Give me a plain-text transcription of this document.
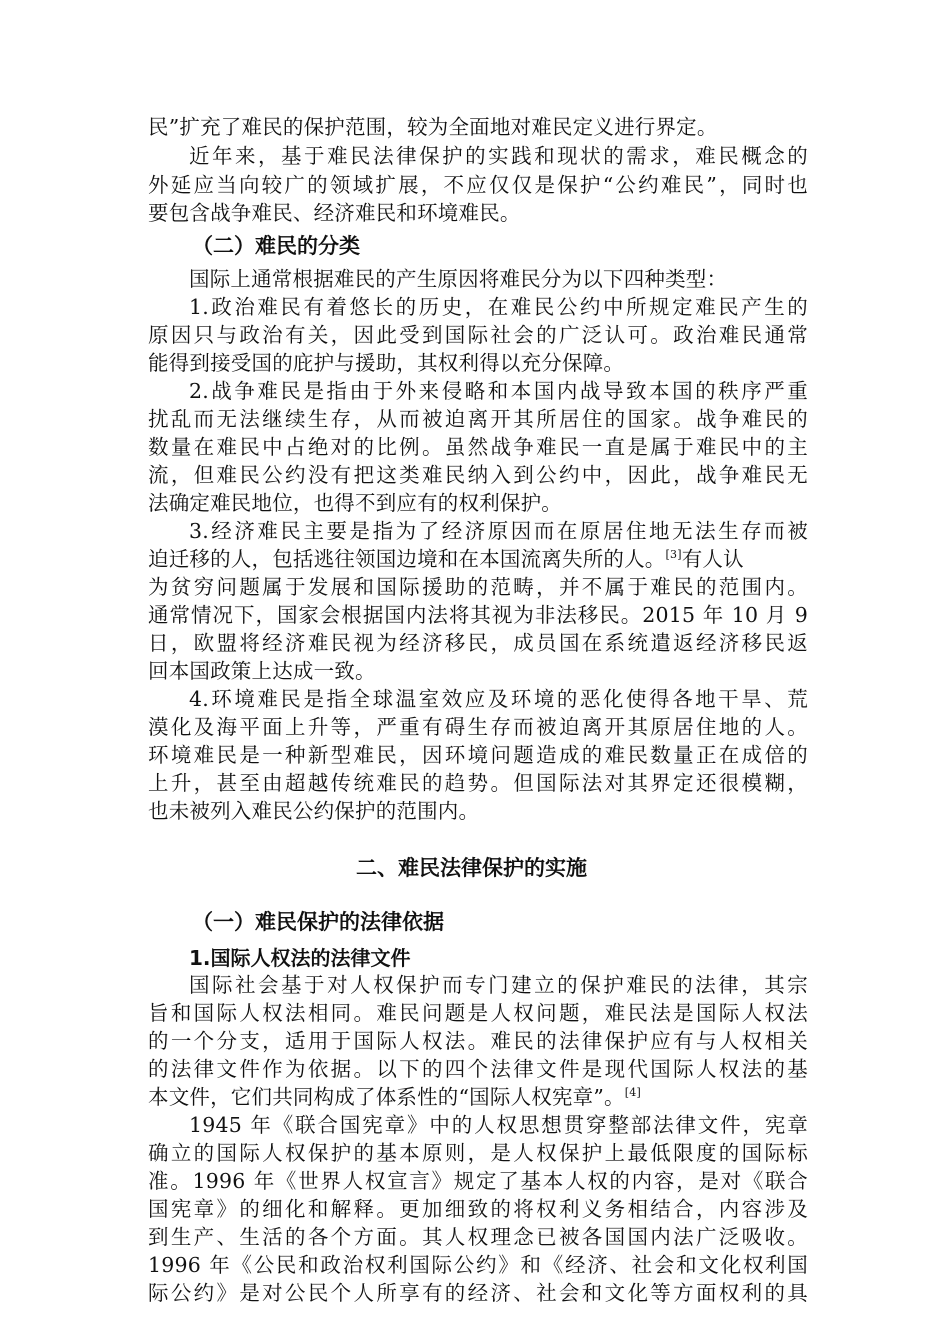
民”扩充了难民的保护范围，较为全面地对难民定义进行界定。
近年来，基于难民法律保护的实践和现状的需求，难民概念的
外延应当向较广的领域扩展，不应仅仅是保护“公约难民”，同时也
要包含战争难民、经济难民和环境难民。
（二）难民的分类
国际上通常根据难民的产生原因将难民分为以下四种类型：
1.政治难民有着悠长的历史，在难民公约中所规定难民产生的
原因只与政治有关，因此受到国际社会的广泛认可。政治难民通常
能得到接受国的庇护与援助，其权利得以充分保障。
2.战争难民是指由于外来侵略和本国内战导致本国的秩序严重
扰乱而无法继续生存，从而被迫离开其所居住的国家。战争难民的
数量在难民中占绝对的比例。虽然战争难民一直是属于难民中的主
流，但难民公约没有把这类难民纳入到公约中，因此，战争难民无
法确定难民地位，也得不到应有的权利保护。
3.经济难民主要是指为了经济原因而在原居住地无法生存而被
迫迁移的人，包括逃往领国边境和在本国流离失所的人。[3]有人认
为贫穷问题属于发展和国际援助的范畴，并不属于难民的范围内。
通常情况下，国家会根据国内法将其视为非法移民。2015 年 10 月 9
日，欧盟将经济难民视为经济移民，成员国在系统遣返经济移民返
回本国政策上达成一致。
4.环境难民是指全球温室效应及环境的恶化使得各地干旱、荒
漠化及海平面上升等，严重有碍生存而被迫离开其原居住地的人。
环境难民是一种新型难民，因环境问题造成的难民数量正在成倍的
上升，甚至由超越传统难民的趋势。但国际法对其界定还很模糊，
也未被列入难民公约保护的范围内。
二、难民法律保护的实施
（一）难民保护的法律依据
1.国际人权法的法律文件
国际社会基于对人权保护而专门建立的保护难民的法律，其宗
旨和国际人权法相同。难民问题是人权问题，难民法是国际人权法
的一个分支，适用于国际人权法。难民的法律保护应有与人权相关
的法律文件作为依据。以下的四个法律文件是现代国际人权法的基
本文件，它们共同构成了体系性的“国际人权宪章”。[4]
1945 年《联合国宪章》中的人权思想贯穿整部法律文件，宪章
确立的国际人权保护的基本原则，是人权保护上最低限度的国际标
准。1996 年《世界人权宣言》规定了基本人权的内容，是对《联合
国宪章》的细化和解释。更加细致的将权利义务相结合，内容涉及
到生产、生活的各个方面。其人权理念已被各国国内法广泛吸收。
1996 年《公民和政治权利国际公约》和《经济、社会和文化权利国
际公约》是对公民个人所享有的经济、社会和文化等方面权利的具
